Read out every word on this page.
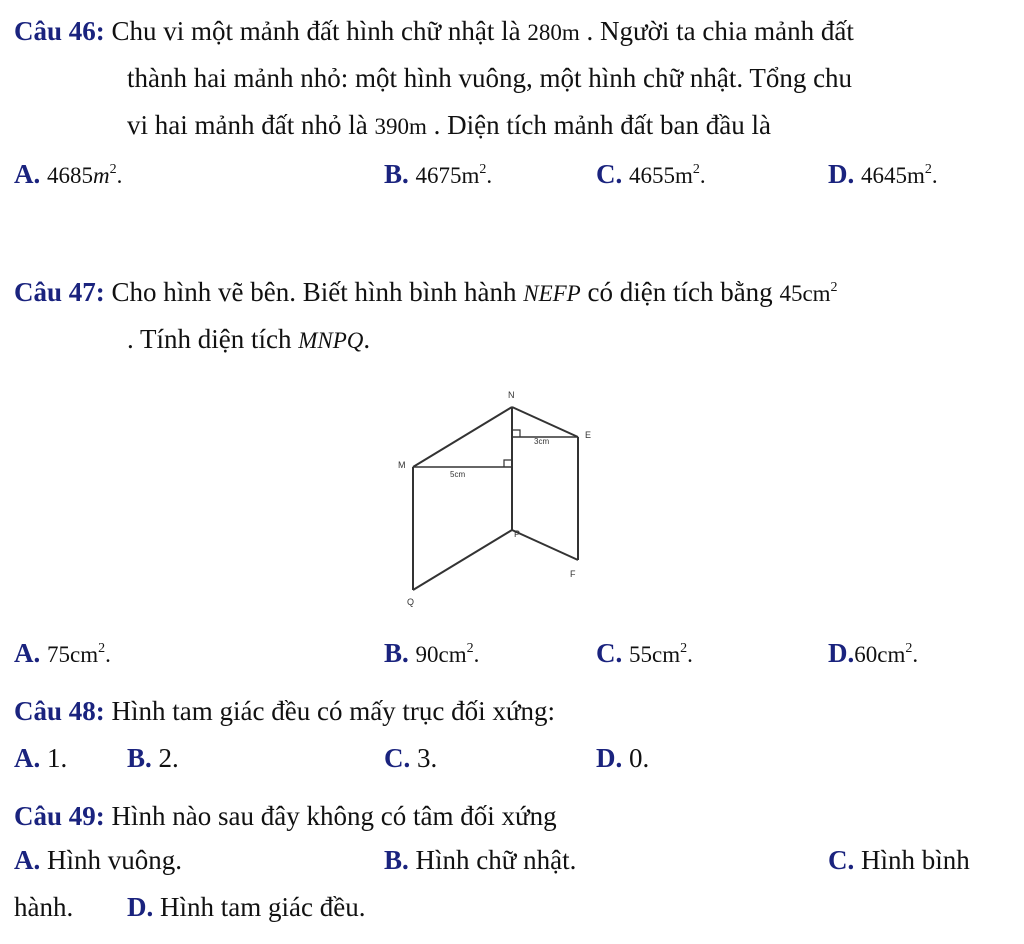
Câu 46: Chu vi một mảnh đất hình chữ nhật là 280m . Người ta chia mảnh đất
thành hai mảnh nhỏ: một hình vuông, một hình chữ nhật. Tổng chu
vi hai mảnh đất nhỏ là 390m . Diện tích mảnh đất ban đầu là
A. $4685m^2$.	B. $4675m^2$.	C. $4655m^2$.	D. $4645m^2$.
Câu 47: Cho hình vẽ bên. Biết hình bình hành NEFP có diện tích bằng $45cm^2$
. Tính diện tích MNPQ.
N
E
M
P
F
Q
3cm
5cm
A. $75cm^2$.	B. $90cm^2$.	C. $55cm^2$.	$D.60cm^2$.
Câu 48: Hình tam giác đều có mấy trục đối xứng:
A. 1. B. 2.	C. 3.	D. 0.
Câu 49: Hình nào sau đây không có tâm đối xứng
A. Hình vuông.	B. Hình chữ nhật.	C. Hình bình
hành. D. Hình tam giác đều.
